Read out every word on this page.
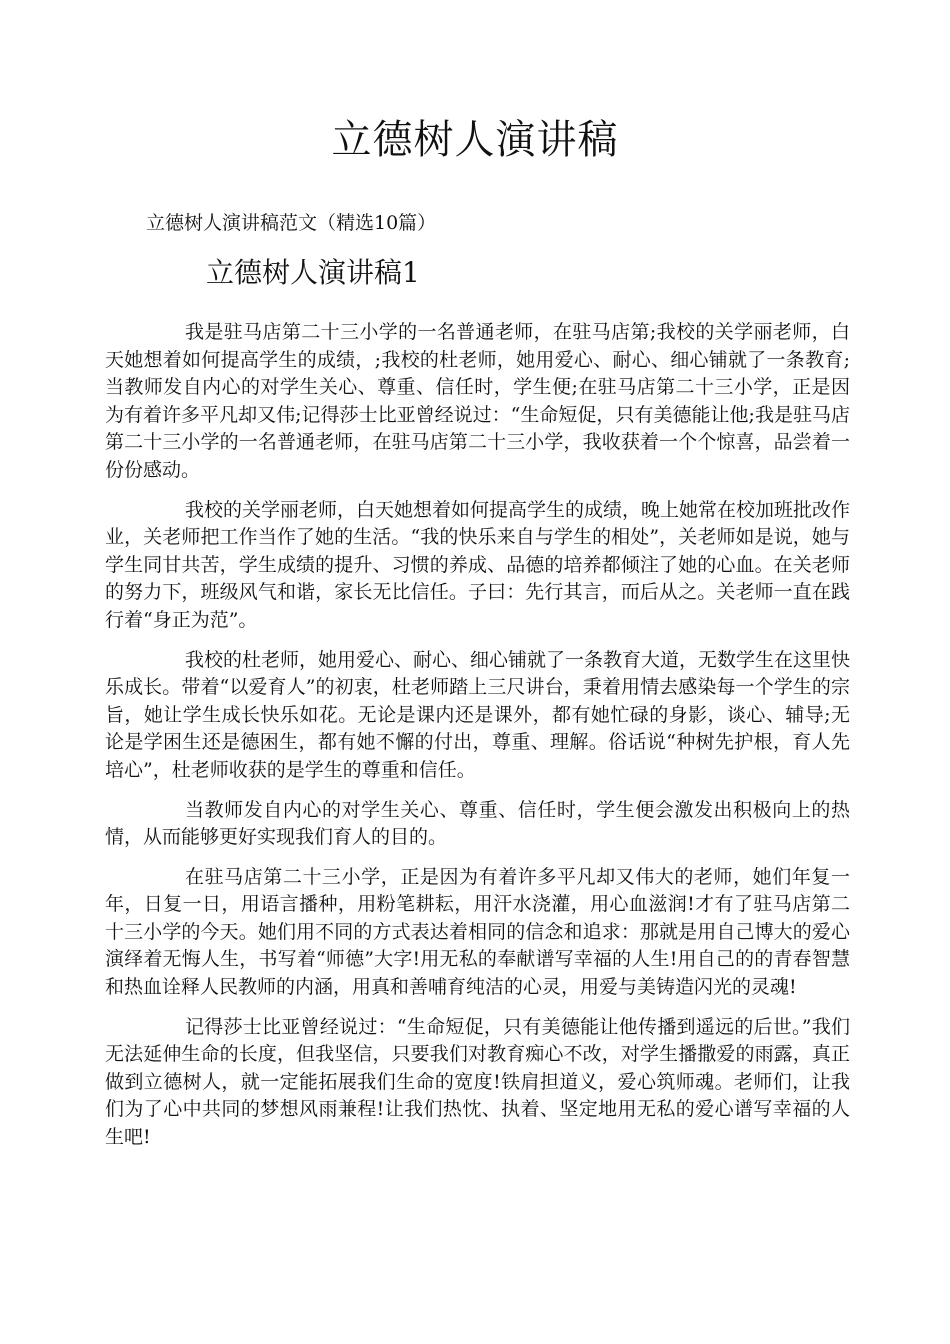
立德树人演讲稿
立德树人演讲稿范文（精选10篇）
立德树人演讲稿1

我是驻马店第二十三小学的一名普通老师，在驻马店第;我校的关学丽老师，白天她想着如何提高学生的成绩，;我校的杜老师，她用爱心、耐心、细心铺就了一条教育;当教师发自内心的对学生关心、尊重、信任时，学生便;在驻马店第二十三小学，正是因为有着许多平凡却又伟;记得莎士比亚曾经说过：“生命短促，只有美德能让他;我是驻马店第二十三小学的一名普通老师，在驻马店第二十三小学，我收获着一个个惊喜，品尝着一份份感动。

我校的关学丽老师，白天她想着如何提高学生的成绩，晚上她常在校加班批改作业，关老师把工作当作了她的生活。“我的快乐来自与学生的相处”，关老师如是说，她与学生同甘共苦，学生成绩的提升、习惯的养成、品德的培养都倾注了她的心血。在关老师的努力下，班级风气和谐，家长无比信任。子曰：先行其言，而后从之。关老师一直在践行着“身正为范”。

我校的杜老师，她用爱心、耐心、细心铺就了一条教育大道，无数学生在这里快乐成长。带着“以爱育人”的初衷，杜老师踏上三尺讲台，秉着用情去感染每一个学生的宗旨，她让学生成长快乐如花。无论是课内还是课外，都有她忙碌的身影，谈心、辅导;无论是学困生还是德困生，都有她不懈的付出，尊重、理解。俗话说“种树先护根，育人先培心”，杜老师收获的是学生的尊重和信任。

当教师发自内心的对学生关心、尊重、信任时，学生便会激发出积极向上的热情，从而能够更好实现我们育人的目的。

在驻马店第二十三小学，正是因为有着许多平凡却又伟大的老师，她们年复一年，日复一日，用语言播种，用粉笔耕耘，用汗水浇灌，用心血滋润!才有了驻马店第二十三小学的今天。她们用不同的方式表达着相同的信念和追求：那就是用自己博大的爱心演绎着无悔人生，书写着“师德”大字!用无私的奉献谱写幸福的人生!用自己的的青春智慧和热血诠释人民教师的内涵，用真和善哺育纯洁的心灵，用爱与美铸造闪光的灵魂!

记得莎士比亚曾经说过：“生命短促，只有美德能让他传播到遥远的后世。”我们无法延伸生命的长度，但我坚信，只要我们对教育痴心不改，对学生播撒爱的雨露，真正做到立德树人，就一定能拓展我们生命的宽度!铁肩担道义，爱心筑师魂。老师们，让我们为了心中共同的梦想风雨兼程!让我们热忱、执着、坚定地用无私的爱心谱写幸福的人生吧!
